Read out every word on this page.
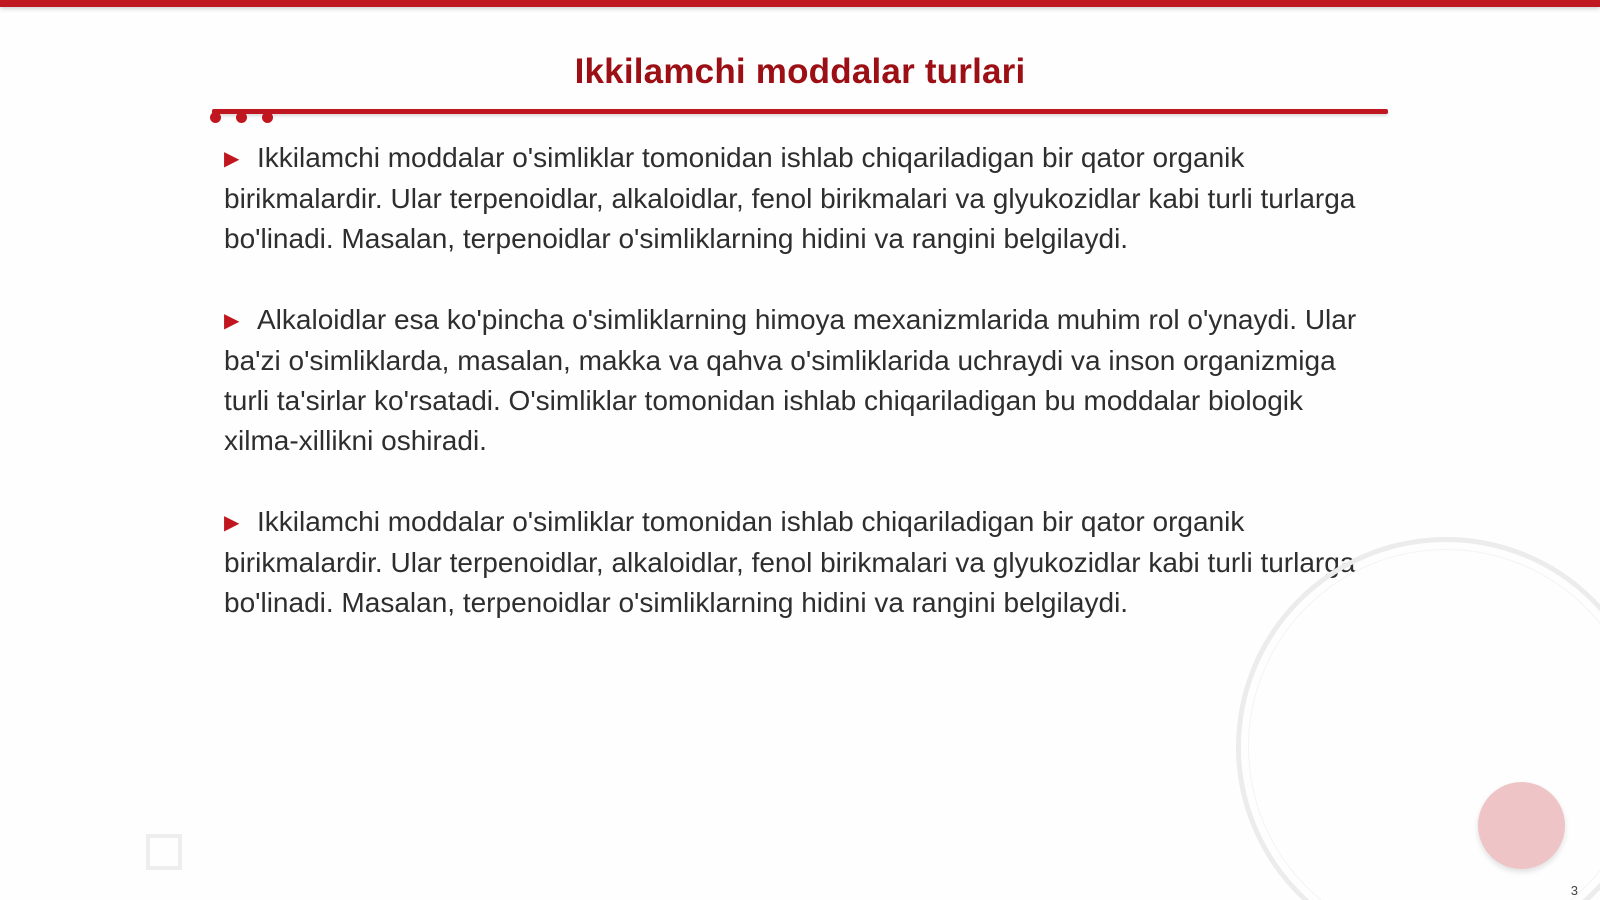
Ikkilamchi moddalar turlari

▶ Ikkilamchi moddalar o'simliklar tomonidan ishlab chiqariladigan bir qator organik birikmalardir. Ular terpenoidlar, alkaloidlar, fenol birikmalari va glyukozidlar kabi turli turlarga bo'linadi. Masalan, terpenoidlar o'simliklarning hidini va rangini belgilaydi.

▶ Alkaloidlar esa ko'pincha o'simliklarning himoya mexanizmlarida muhim rol o'ynaydi. Ular ba'zi o'simliklarda, masalan, makka va qahva o'simliklarida uchraydi va inson organizmiga turli ta'sirlar ko'rsatadi. O'simliklar tomonidan ishlab chiqariladigan bu moddalar biologik xilma-xillikni oshiradi.

▶ Ikkilamchi moddalar o'simliklar tomonidan ishlab chiqariladigan bir qator organik birikmalardir. Ular terpenoidlar, alkaloidlar, fenol birikmalari va glyukozidlar kabi turli turlarga bo'linadi. Masalan, terpenoidlar o'simliklarning hidini va rangini belgilaydi.

3
